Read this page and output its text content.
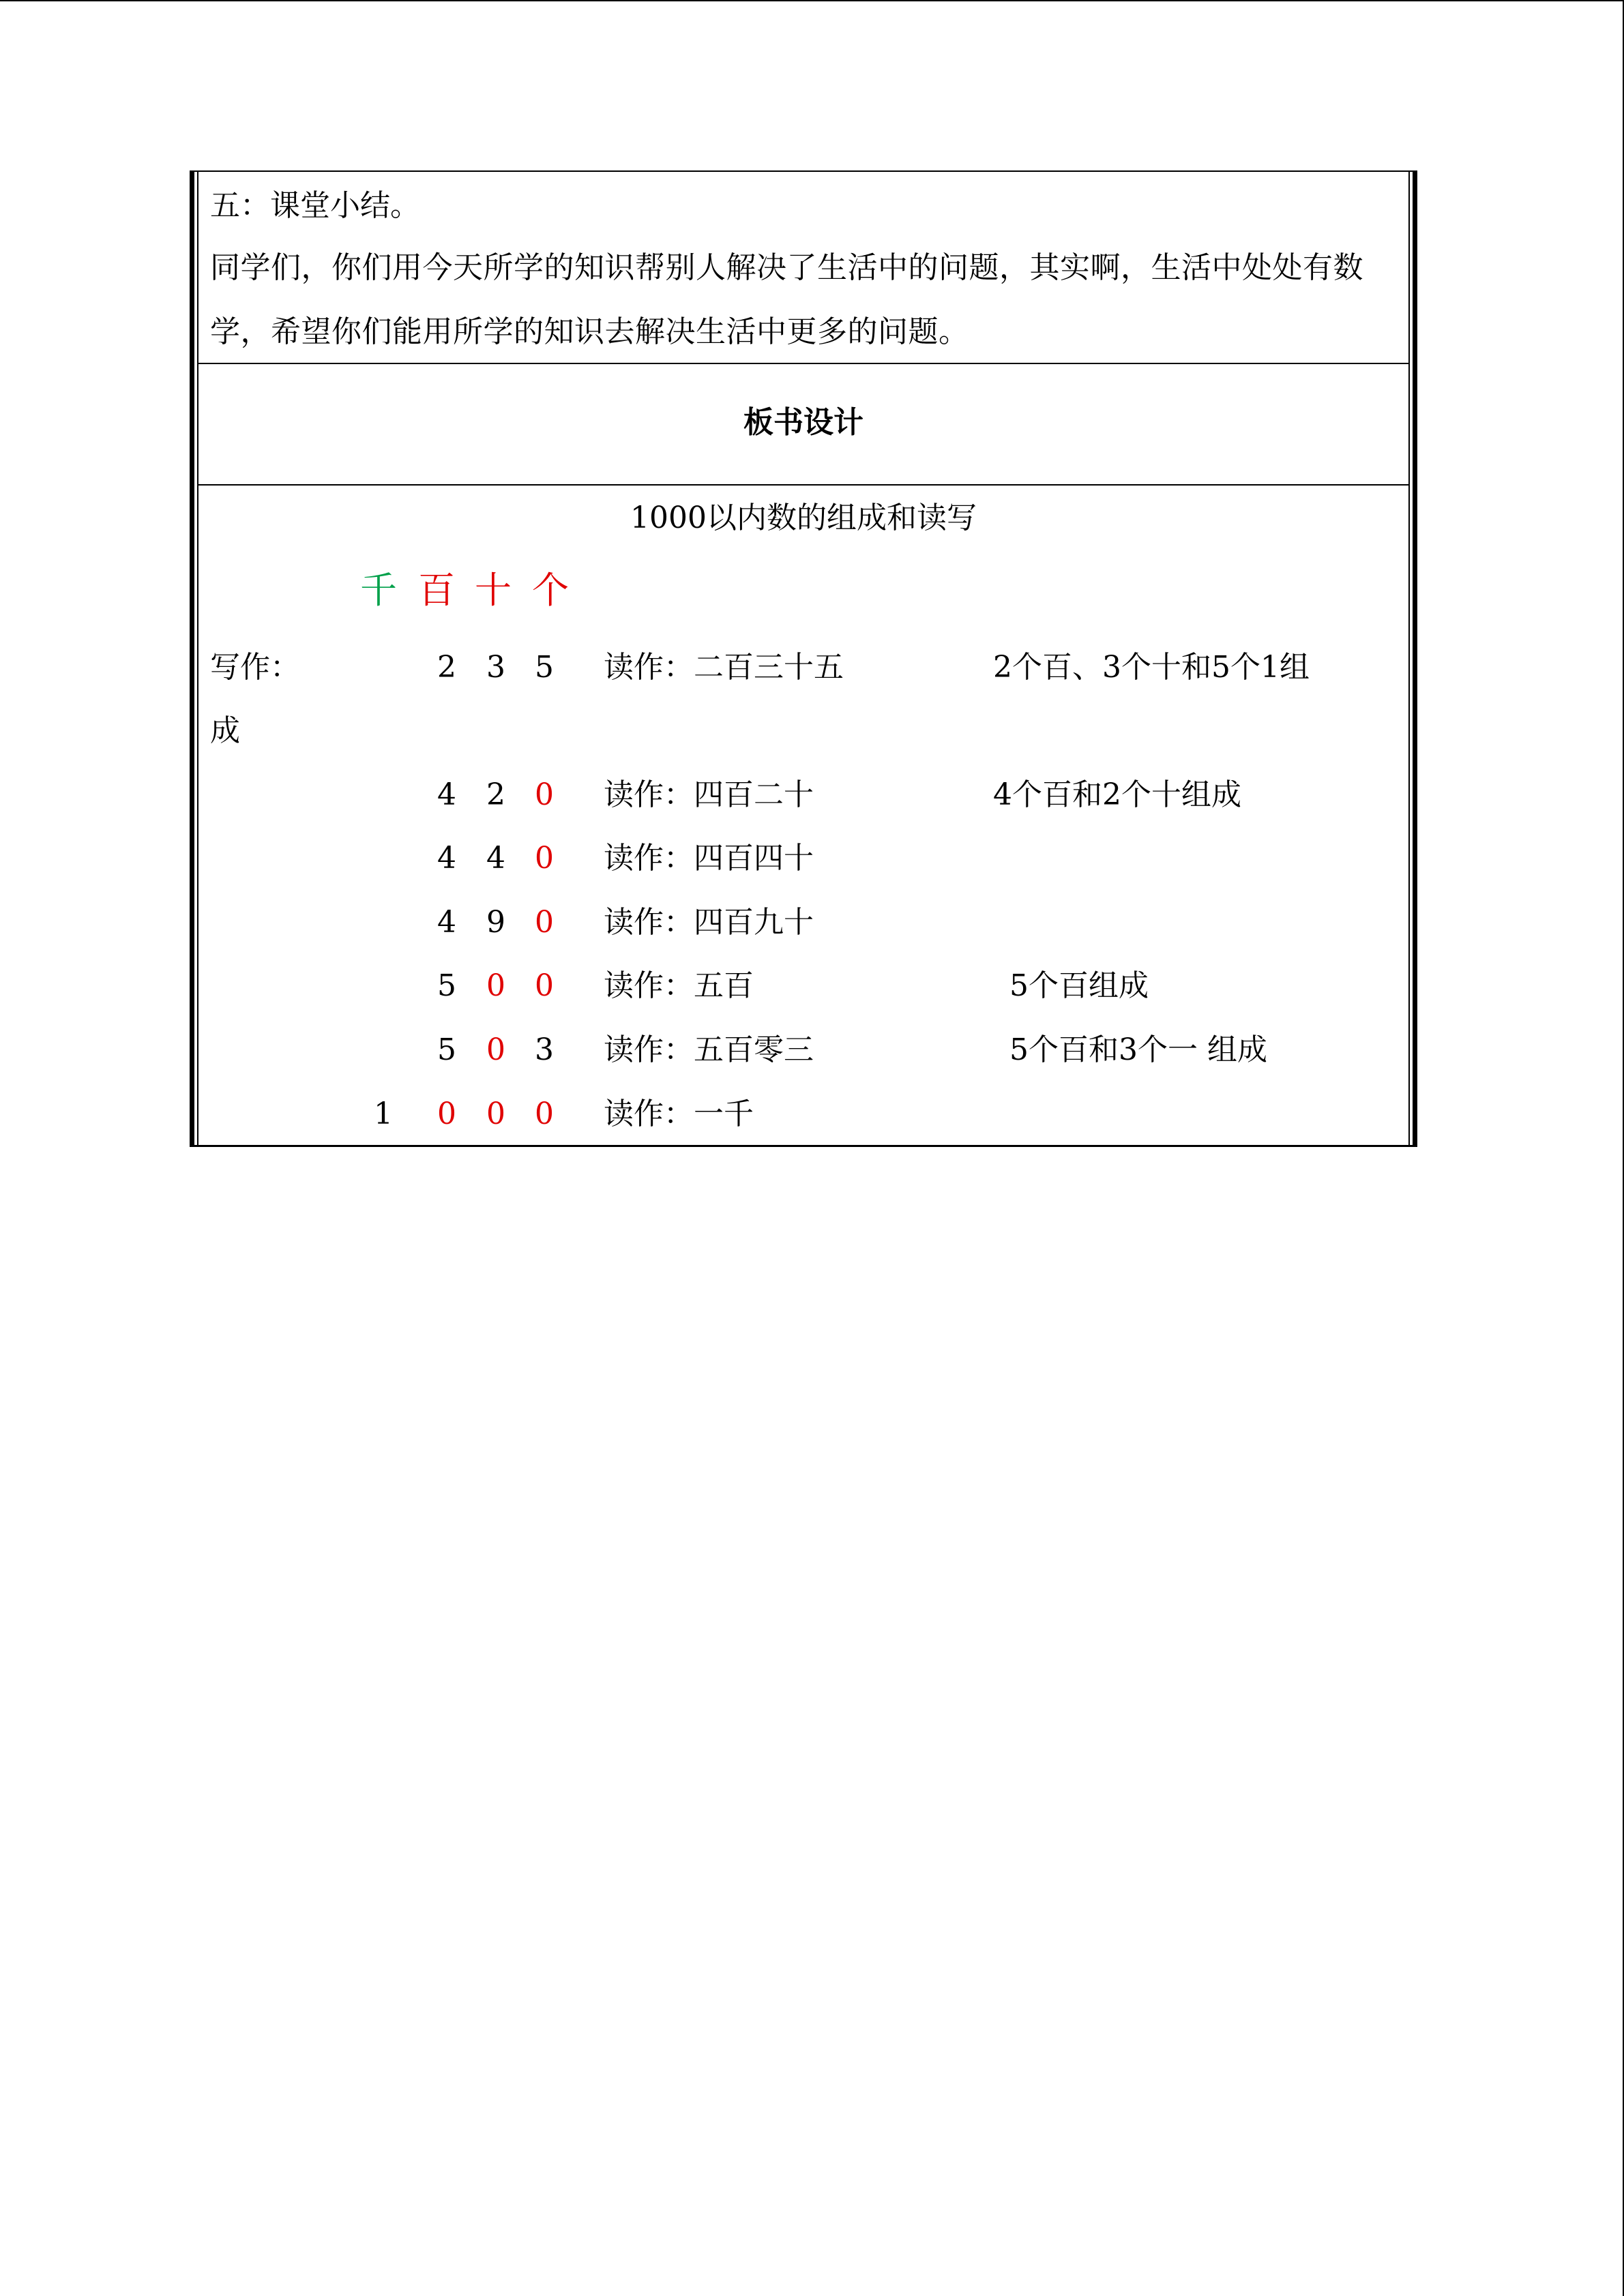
五：课堂小结。
同学们，你们用今天所学的知识帮别人解决了生活中的问题，其实啊，生活中处处有数学，希望你们能用所学的知识去解决生活中更多的问题。
板书设计
1000以内数的组成和读写
千 百 十 个
写作：	2 3 5 读作：二百三十五	2个百、3个十和5个1组
成
4 2 0 读作：四百二十	4个百和2个十组成
4 4 0 读作：四百四十
4 9 0 读作：四百九十
5 0 0 读作：五百	5个百组成
5 0 3 读作：五百零三	5个百和3个一 组成
1 0 0 0 读作：一千
